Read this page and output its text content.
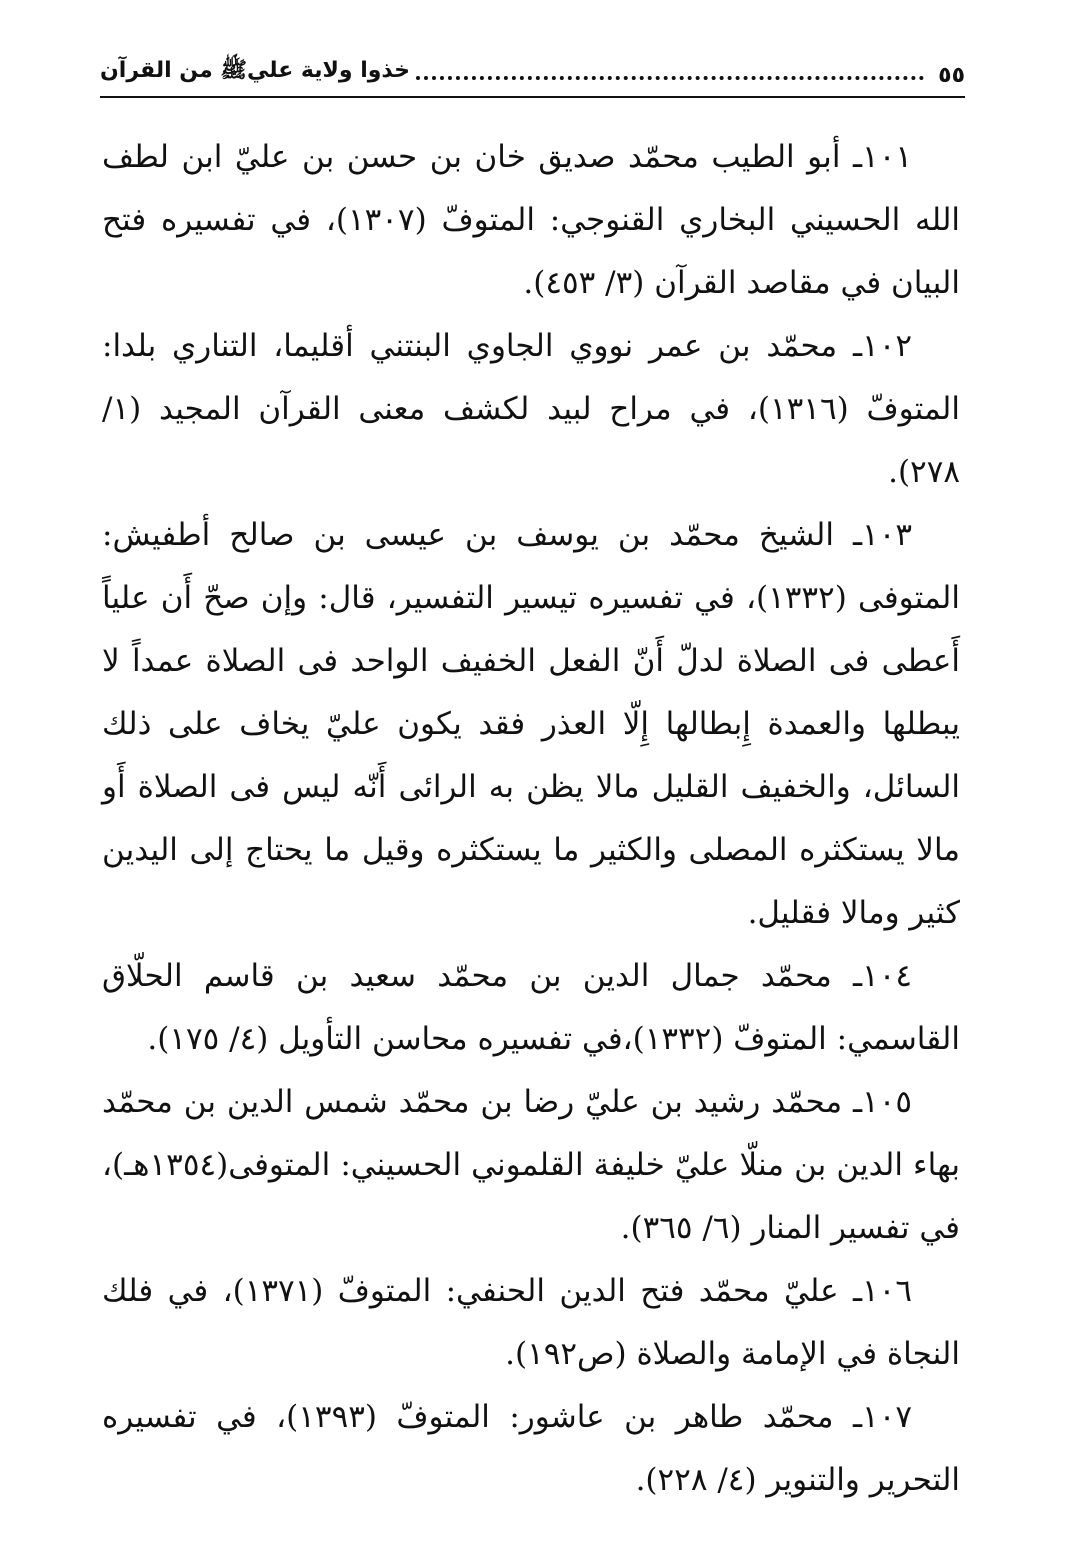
٥٥
خذوا ولاية عليﷺ من القرآن

١٠١ـ أبو الطيب محمّد صديق خان بن حسن بن عليّ ابن لطف الله الحسيني البخاري القنوجي: المتوفّ (١٣٠٧)، في تفسيره فتح البيان في مقاصد القرآن (٣/ ٤٥٣).

١٠٢ـ محمّد بن عمر نووي الجاوي البنتني أقليما، التناري بلدا: المتوفّ (١٣١٦)، في مراح لبيد لكشف معنى القرآن المجيد (١/ ٢٧٨).

١٠٣ـ الشيخ محمّد بن يوسف بن عيسى بن صالح أطفيش: المتوفى (١٣٣٢)، في تفسيره تيسير التفسير، قال: وإن صحّ أَن علياً أَعطى فى الصلاة لدلّ أَنّ الفعل الخفيف الواحد فى الصلاة عمداً لا يبطلها والعمدة إِبطالها إِلّا العذر فقد يكون عليّ يخاف على ذلك السائل، والخفيف القليل مالا يظن به الرائى أَنّه ليس فى الصلاة أَو مالا يستكثره المصلى والكثير ما يستكثره وقيل ما يحتاج إلى اليدين كثير ومالا فقليل.

١٠٤ـ محمّد جمال الدين بن محمّد سعيد بن قاسم الحلّاق القاسمي: المتوفّ (١٣٣٢)،في تفسيره محاسن التأويل (٤/ ١٧٥).

١٠٥ـ محمّد رشيد بن عليّ رضا بن محمّد شمس الدين بن محمّد بهاء الدين بن منلّا عليّ خليفة القلموني الحسيني: المتوفى(١٣٥٤هـ)، في تفسير المنار (٦/ ٣٦٥).

١٠٦ـ عليّ محمّد فتح الدين الحنفي: المتوفّ (١٣٧١)، في فلك النجاة في الإمامة والصلاة (ص١٩٢).

١٠٧ـ محمّد طاهر بن عاشور: المتوفّ (١٣٩٣)، في تفسيره التحرير والتنوير (٤/ ٢٢٨).
